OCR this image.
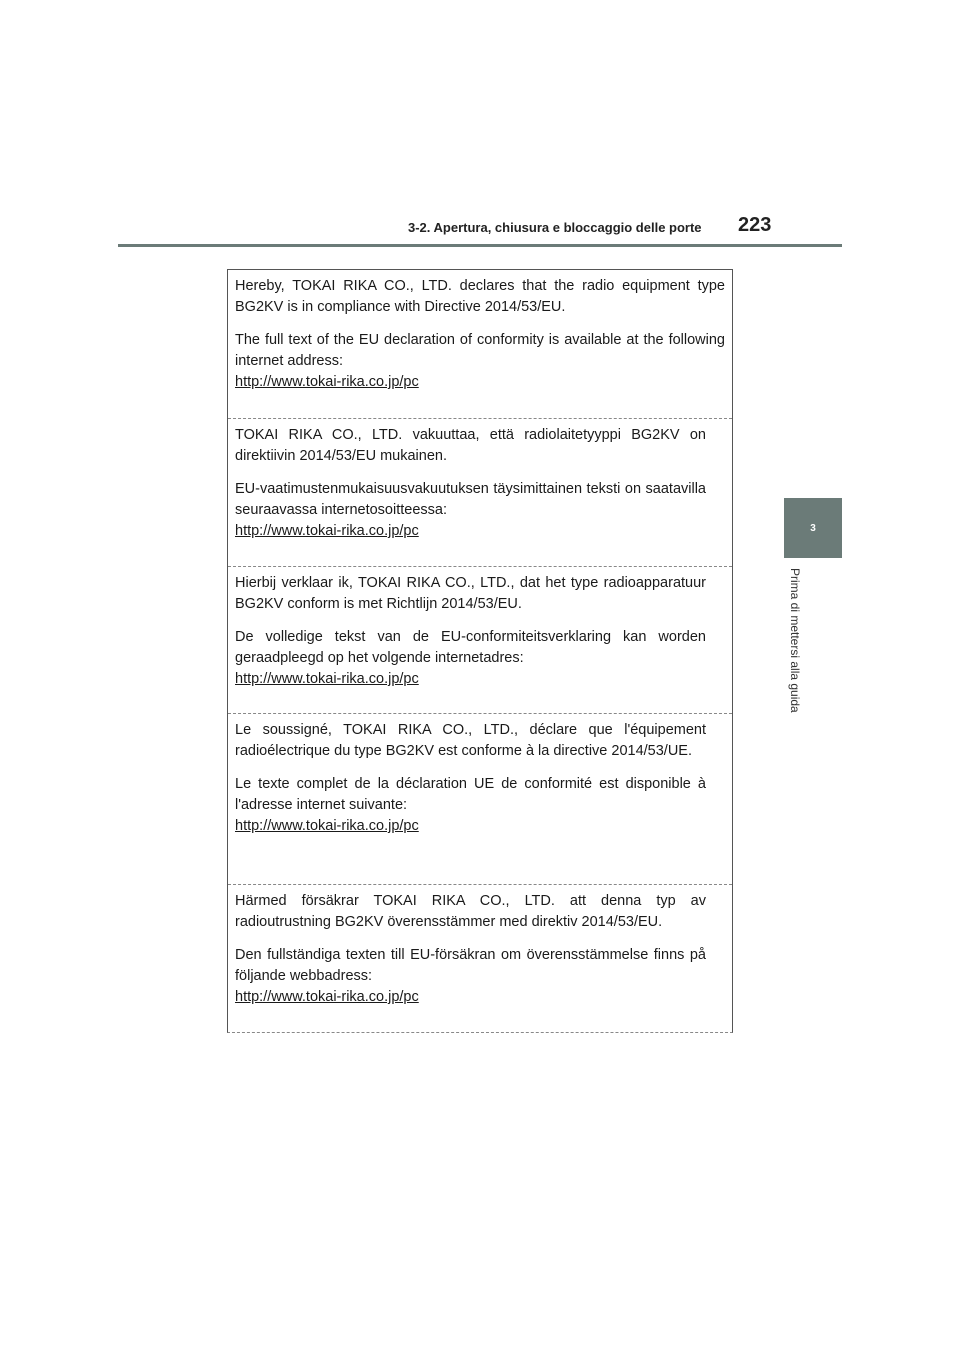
3-2. Apertura, chiusura e bloccaggio delle porte 223
3
Prima di mettersi alla guida

Hereby, TOKAI RIKA CO., LTD. declares that the radio equipment type BG2KV is in compliance with Directive 2014/53/EU.

The full text of the EU declaration of conformity is available at the following internet address:
http://www.tokai-rika.co.jp/pc

TOKAI RIKA CO., LTD. vakuuttaa, että radiolaitetyyppi BG2KV on direktiivin 2014/53/EU mukainen.

EU-vaatimustenmukaisuusvakuutuksen täysimittainen teksti on saatavilla seuraavassa internetosoitteessa:
http://www.tokai-rika.co.jp/pc

Hierbij verklaar ik, TOKAI RIKA CO., LTD., dat het type radioapparatuur BG2KV conform is met Richtlijn 2014/53/EU.

De volledige tekst van de EU-conformiteitsverklaring kan worden geraadpleegd op het volgende internetadres:
http://www.tokai-rika.co.jp/pc

Le soussigné, TOKAI RIKA CO., LTD., déclare que l'équipement radioélectrique du type BG2KV est conforme à la directive 2014/53/UE.

Le texte complet de la déclaration UE de conformité est disponible à l'adresse internet suivante:
http://www.tokai-rika.co.jp/pc

Härmed försäkrar TOKAI RIKA CO., LTD. att denna typ av radioutrustning BG2KV överensstämmer med direktiv 2014/53/EU.

Den fullständiga texten till EU-försäkran om överensstämmelse finns på följande webbadress:
http://www.tokai-rika.co.jp/pc
